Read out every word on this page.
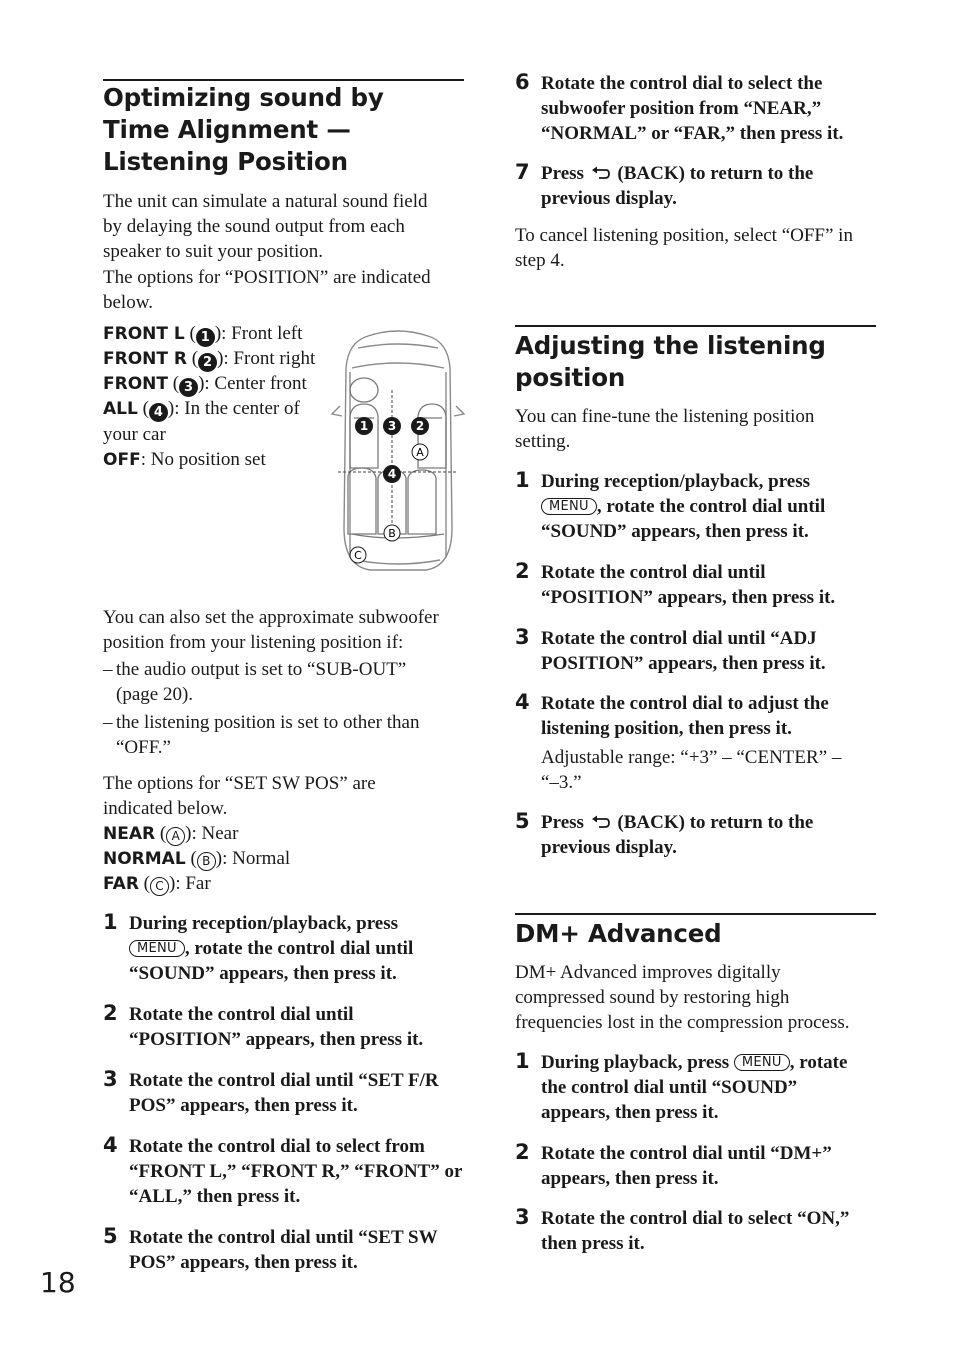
Optimizing sound by Time Alignment — Listening Position

The unit can simulate a natural sound field

by delaying the sound output from each

speaker to suit your position.

The options for “POSITION” are indicated

below.

FRONT L ( 1 ): Front left

FRONT R ( 2 ): Front right

FRONT ( 3 ): Center front

ALL ( 4 ): In the center of

your car

OFF: No position set

1 3 2
4
A
B
C

You can also set the approximate subwoofer

position from your listening position if:

– the audio output is set to “SUB-OUT”
(page 20).
– the listening position is set to other than
“OFF.”

The options for “SET SW POS” are

indicated below.

NEAR ( A ): Near

NORMAL ( B ): Normal

FAR ( C ): Far

1 During reception/playback, press
MENU , rotate the control dial until
“SOUND” appears, then press it.
2 Rotate the control dial until
“POSITION” appears, then press it.
3 Rotate the control dial until “SET F/R
POS” appears, then press it.
4 Rotate the control dial to select from
“FRONT L,” “FRONT R,” “FRONT” or
“ALL,” then press it.
5 Rotate the control dial until “SET SW
POS” appears, then press it.
18
6 Rotate the control dial to select the
subwoofer position from “NEAR,”
“NORMAL” or “FAR,” then press it.
7 Press (BACK) to return to the
previous display.

To cancel listening position, select “OFF” in

step 4.

Adjusting the listening position

You can fine-tune the listening position

setting.

1 During reception/playback, press
MENU , rotate the control dial until
“SOUND” appears, then press it.
2 Rotate the control dial until
“POSITION” appears, then press it.
3 Rotate the control dial until “ADJ
POSITION” appears, then press it.
4 Rotate the control dial to adjust the
listening position, then press it.
Adjustable range: “+3” – “CENTER” –
“–3.”
5 Press (BACK) to return to the
previous display.
DM+ Advanced

DM+ Advanced improves digitally

compressed sound by restoring high

frequencies lost in the compression process.

1 During playback, press MENU , rotate
the control dial until “SOUND”
appears, then press it.
2 Rotate the control dial until “DM+”
appears, then press it.
3 Rotate the control dial to select “ON,”
then press it.
